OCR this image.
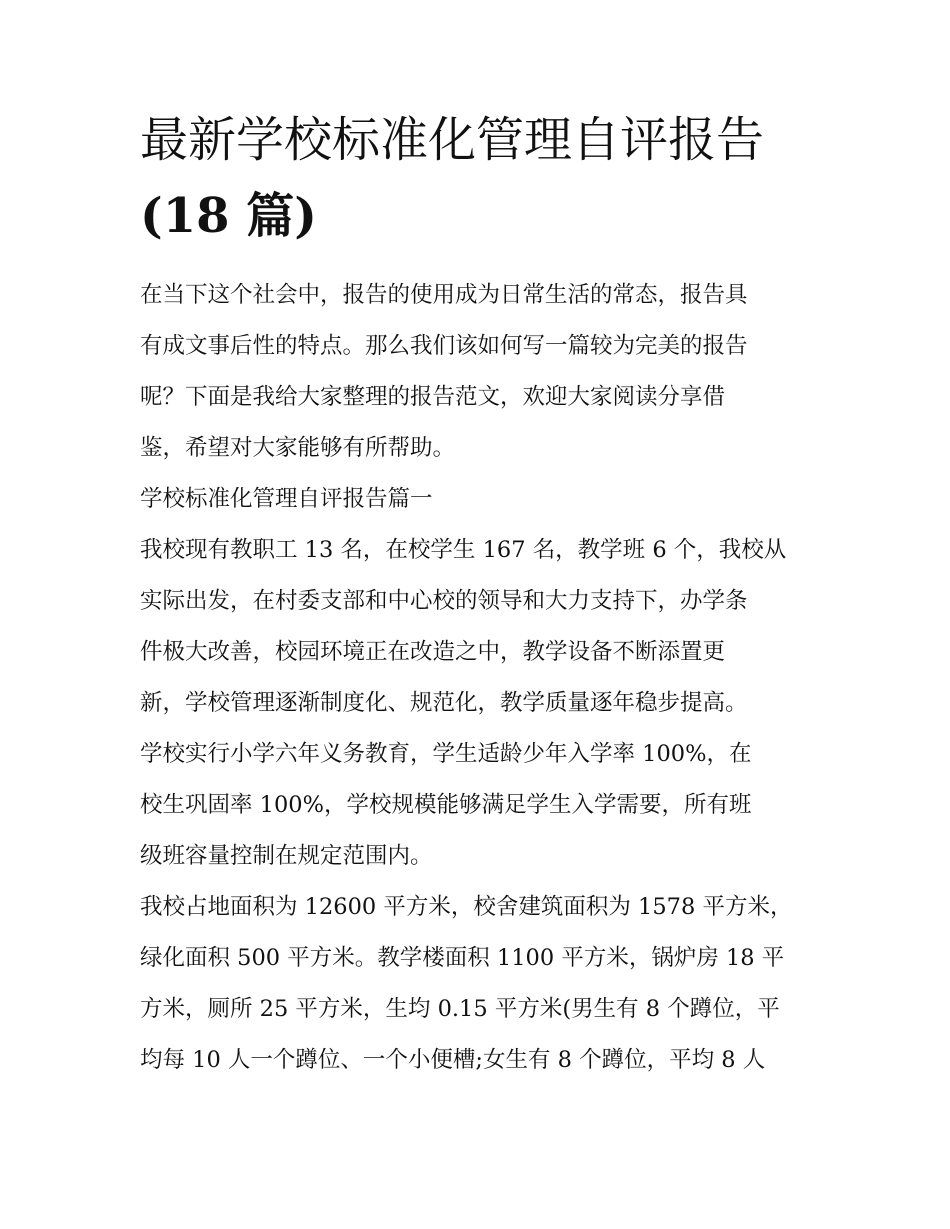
最新学校标准化管理自评报告
(18 篇)

在当下这个社会中，报告的使用成为日常生活的常态，报告具
有成文事后性的特点。那么我们该如何写一篇较为完美的报告
呢？下面是我给大家整理的报告范文，欢迎大家阅读分享借
鉴，希望对大家能够有所帮助。

学校标准化管理自评报告篇一

我校现有教职工 13 名，在校学生 167 名，教学班 6 个，我校从
实际出发，在村委支部和中心校的领导和大力支持下，办学条
件极大改善，校园环境正在改造之中，教学设备不断添置更
新，学校管理逐渐制度化、规范化，教学质量逐年稳步提高。
学校实行小学六年义务教育，学生适龄少年入学率 100%，在
校生巩固率 100%，学校规模能够满足学生入学需要，所有班
级班容量控制在规定范围内。

我校占地面积为 12600 平方米，校舍建筑面积为 1578 平方米，
绿化面积 500 平方米。教学楼面积 1100 平方米，锅炉房 18 平
方米，厕所 25 平方米，生均 0.15 平方米(男生有 8 个蹲位，平
均每 10 人一个蹲位、一个小便槽;女生有 8 个蹲位，平均 8 人
